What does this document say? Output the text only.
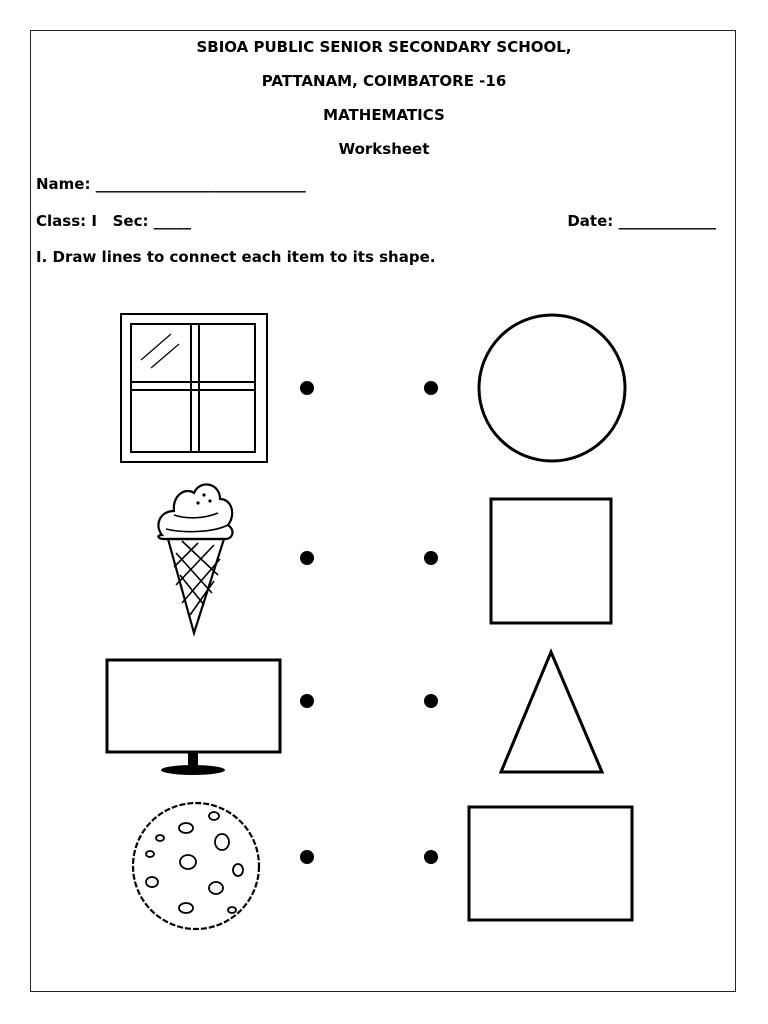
SBIOA PUBLIC SENIOR SECONDARY SCHOOL,
PATTANAM, COIMBATORE -16
MATHEMATICS
Worksheet
Name: ____________________________
Class: I   Sec: _____	Date: _____________
I. Draw lines to connect each item to its shape.
